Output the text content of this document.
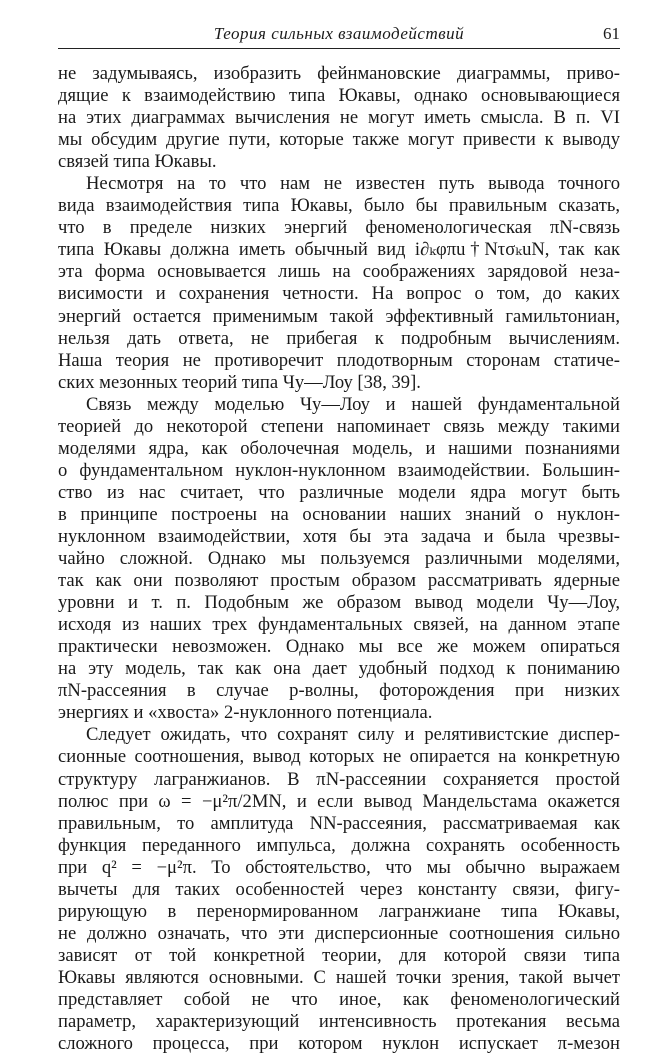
Теория сильных взаимодействий	61

не задумываясь, изобразить фейнмановские диаграммы, приво-
дящие к взаимодействию типа Юкавы, однако основывающиеся
на этих диаграммах вычисления не могут иметь смысла. В п. VI
мы обсудим другие пути, которые также могут привести к выводу
связей типа Юкавы.

Несмотря на то что нам не известен путь вывода точного
вида взаимодействия типа Юкавы, было бы правильным сказать,
что в пределе низких энергий феноменологическая πN-связь
типа Юкавы должна иметь обычный вид i∂ₖφπu†NτσₖuN, так как
эта форма основывается лишь на соображениях зарядовой неза-
висимости и сохранения четности. На вопрос о том, до каких
энергий остается применимым такой эффективный гамильтониан,
нельзя дать ответа, не прибегая к подробным вычислениям.
Наша теория не противоречит плодотворным сторонам статиче-
ских мезонных теорий типа Чу—Лоу [38, 39].

Связь между моделью Чу—Лоу и нашей фундаментальной
теорией до некоторой степени напоминает связь между такими
моделями ядра, как оболочечная модель, и нашими познаниями
о фундаментальном нуклон-нуклонном взаимодействии. Большин-
ство из нас считает, что различные модели ядра могут быть
в принципе построены на основании наших знаний о нуклон-
нуклонном взаимодействии, хотя бы эта задача и была чрезвы-
чайно сложной. Однако мы пользуемся различными моделями,
так как они позволяют простым образом рассматривать ядерные
уровни и т. п. Подобным же образом вывод модели Чу—Лоу,
исходя из наших трех фундаментальных связей, на данном этапе
практически невозможен. Однако мы все же можем опираться
на эту модель, так как она дает удобный подход к пониманию
πN-рассеяния в случае p-волны, фоторождения при низких
энергиях и «хвоста» 2-нуклонного потенциала.

Следует ожидать, что сохранят силу и релятивистские диспер-
сионные соотношения, вывод которых не опирается на конкретную
структуру лагранжианов. В πN-рассеянии сохраняется простой
полюс при ω = −μ²π/2MN, и если вывод Мандельстама окажется
правильным, то амплитуда NN-рассеяния, рассматриваемая как
функция переданного импульса, должна сохранять особенность
при q² = −μ²π. То обстоятельство, что мы обычно выражаем
вычеты для таких особенностей через константу связи, фигу-
рирующую в перенормированном лагранжиане типа Юкавы,
не должно означать, что эти дисперсионные соотношения сильно
зависят от той конкретной теории, для которой связи типа
Юкавы являются основными. С нашей точки зрения, такой вычет
представляет собой не что иное, как феноменологический
параметр, характеризующий интенсивность протекания весьма
сложного процесса, при котором нуклон испускает π-мезон
